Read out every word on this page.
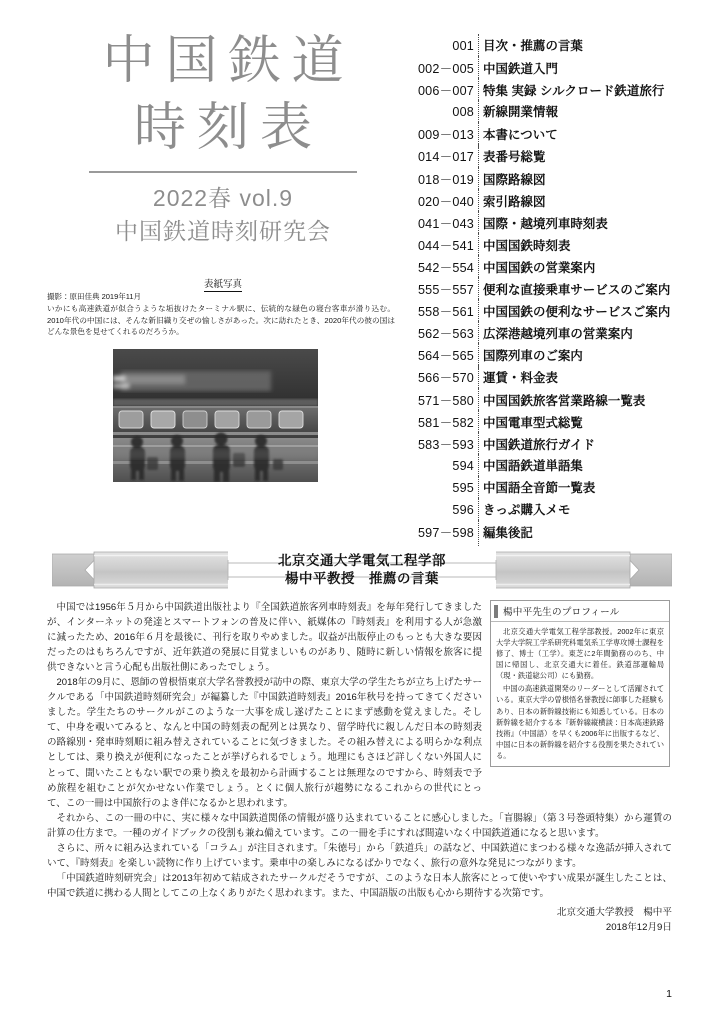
中国鉄道
時刻表
2022春 vol.9
中国鉄道時刻研究会
表紙写真
撮影：原田佳典 2019年11月
いかにも高速鉄道が似合うような垢抜けたターミナル駅に、伝統的な緑色の寝台客車が滑り込む。2010年代の中国には、そんな新旧織り交ぜの愉しさがあった。次に訪れたとき、2020年代の彼の国はどんな景色を見せてくれるのだろうか。
001 目次・推薦の言葉
002－005 中国鉄道入門
006－007 特集 実録 シルクロード鉄道旅行
008 新線開業情報
009－013 本書について
014－017 表番号総覧
018－019 国際路線図
020－040 索引路線図
041－043 国際・越境列車時刻表
044－541 中国国鉄時刻表
542－554 中国国鉄の営業案内
555－557 便利な直接乗車サービスのご案内
558－561 中国国鉄の便利なサービスご案内
562－563 広深港越境列車の営業案内
564－565 国際列車のご案内
566－570 運賃・料金表
571－580 中国国鉄旅客営業路線一覧表
581－582 中国電車型式総覧
583－593 中国鉄道旅行ガイド
594 中国語鉄道単語集
595 中国語全音節一覧表
596 きっぷ購入メモ
597－598 編集後記
北京交通大学電気工程学部
楊中平教授　推薦の言葉
楊中平先生のプロフィール

北京交通大学電気工程学部教授。2002年に東京大学大学院工学系研究科電気系工学専攻博士課程を修了、博士（工学）。東芝に2年間勤務ののち、中国に帰国し、北京交通大に着任。鉄道部運輸局（現・鉄道総公司）にも勤務。

中国の高速鉄道開発のリーダーとして活躍されている。東京大学の曽根悟名誉教授に師事した経験もあり、日本の新幹線技術にも知悉している。日本の新幹線を紹介する本『新幹線縦横談：日本高速鉄路技術』（中国語）を早くも2006年に出版するなど、中国に日本の新幹線を紹介する役割を果たされている。

中国では1956年５月から中国鉄道出版社より『全国鉄道旅客列車時刻表』を毎年発行してきましたが、インターネットの発達とスマートフォンの普及に伴い、紙媒体の『時刻表』を利用する人が急激に減ったため、2016年６月を最後に、刊行を取りやめました。収益が出版停止のもっとも大きな要因だったのはもちろんですが、近年鉄道の発展に目覚ましいものがあり、随時に新しい情報を旅客に提供できないと言う心配も出版社側にあったでしょう。

2018年の9月に、恩師の曽根悟東京大学名誉教授が訪中の際、東京大学の学生たちが立ち上げたサークルである「中国鉄道時刻研究会」が編纂した『中国鉄道時刻表』2016年秋号を持ってきてくださいました。学生たちのサークルがこのような一大事を成し遂げたことにまず感動を覚えました。そして、中身を覗いてみると、なんと中国の時刻表の配列とは異なり、留学時代に親しんだ日本の時刻表の路線別・発車時刻順に組み替えされていることに気づきました。その組み替えによる明らかな利点としては、乗り換えが便利になったことが挙げられるでしょう。地理にもさほど詳しくない外国人にとって、聞いたこともない駅での乗り換えを最初から計画することは無理なのですから、時刻表で予め旅程を組むことが欠かせない作業でしょう。とくに個人旅行が趨勢になるこれからの世代にとって、この一冊は中国旅行のよき伴になるかと思われます。

それから、この一冊の中に、実に様々な中国鉄道関係の情報が盛り込まれていることに感心しました。「盲腸線」（第３号巻頭特集）から運賃の計算の仕方まで。一種のガイドブックの役割も兼ね備えています。この一冊を手にすれば間違いなく中国鉄道通になると思います。

さらに、所々に組み込まれている「コラム」が注目されます。「朱徳号」から「鉄道兵」の話など、中国鉄道にまつわる様々な逸話が挿入されていて、『時刻表』を楽しい読物に作り上げています。乗車中の楽しみになるばかりでなく、旅行の意外な発見につながります。

「中国鉄道時刻研究会」は2013年初めて結成されたサークルだそうですが、このような日本人旅客にとって使いやすい成果が誕生したことは、中国で鉄道に携わる人間としてこの上なくありがたく思われます。また、中国語版の出版も心から期待する次第です。

北京交通大学教授　楊中平
2018年12月9日
1
